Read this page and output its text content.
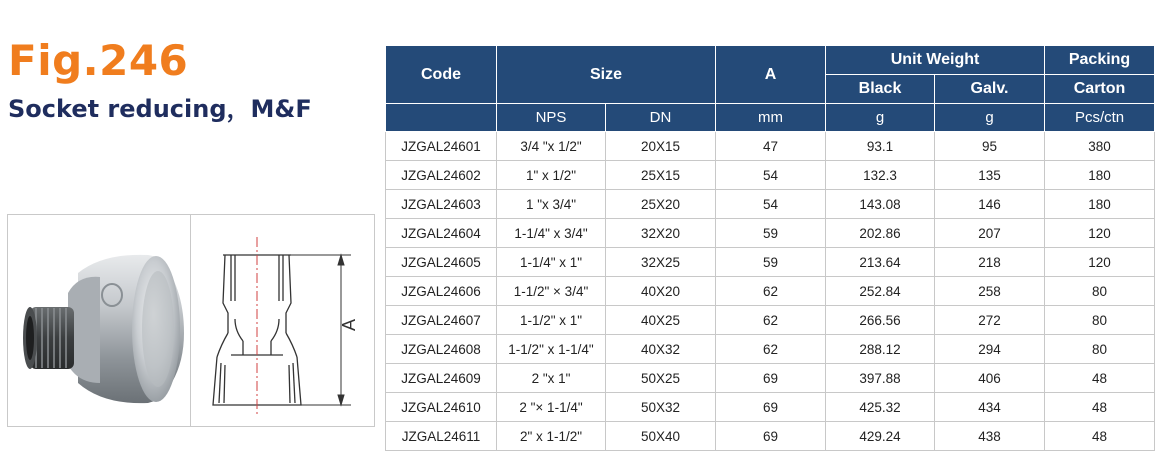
Fig.246
Socket reducing，M&F
A
Code	Size		A	Unit Weight		Packing
				Black	Galv.	Carton
	NPS	DN	mm	g	g	Pcs/ctn
JZGAL24601	3/4 "x 1/2"	20X15	47	93.1	95	380
JZGAL24602	1" x 1/2"	25X15	54	132.3	135	180
JZGAL24603	1 "x 3/4"	25X20	54	143.08	146	180
JZGAL24604	1-1/4" x 3/4"	32X20	59	202.86	207	120
JZGAL24605	1-1/4" x 1"	32X25	59	213.64	218	120
JZGAL24606	1-1/2" × 3/4"	40X20	62	252.84	258	80
JZGAL24607	1-1/2" x 1"	40X25	62	266.56	272	80
JZGAL24608	1-1/2" x 1-1/4"	40X32	62	288.12	294	80
JZGAL24609	2 "x 1"	50X25	69	397.88	406	48
JZGAL24610	2 "× 1-1/4"	50X32	69	425.32	434	48
JZGAL24611	2" x 1-1/2"	50X40	69	429.24	438	48
